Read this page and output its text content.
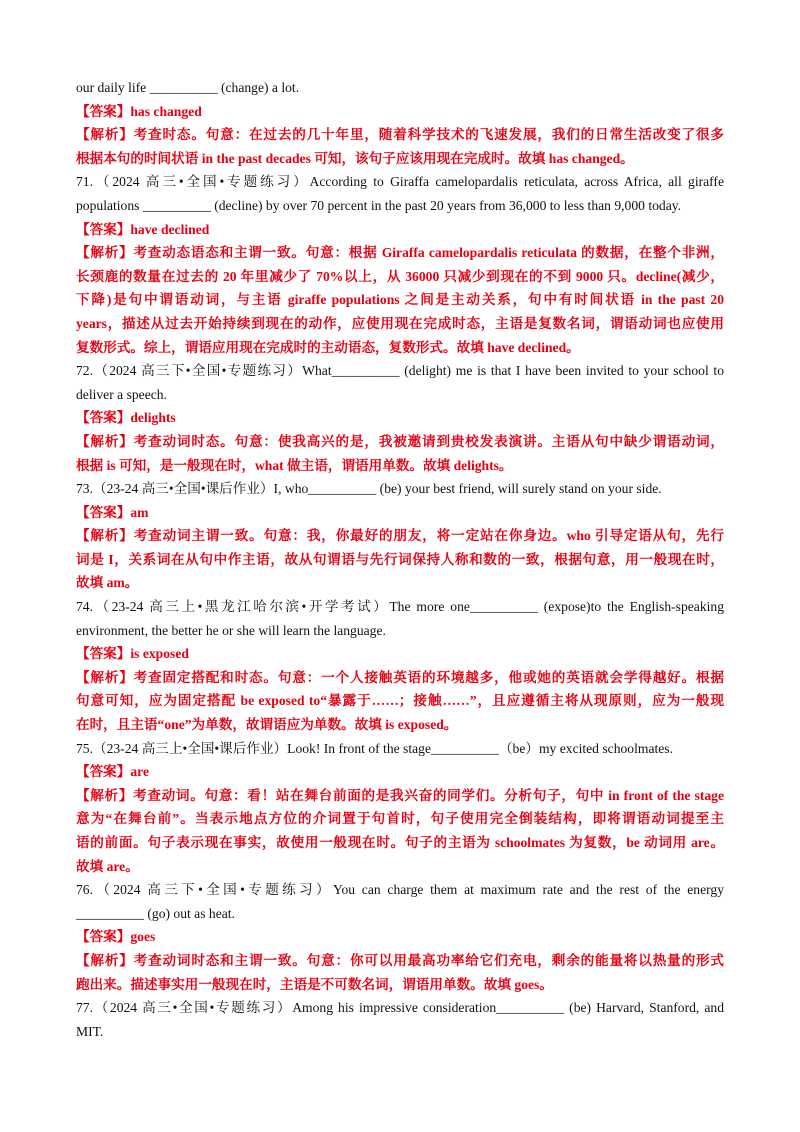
our daily life __________ (change) a lot.
【答案】has changed
【解析】考查时态。句意：在过去的几十年里，随着科学技术的飞速发展，我们的日常生活改变了很多
根据本句的时间状语 in the past decades 可知，该句子应该用现在完成时。故填 has changed。
71.（2024 高三•全国•专题练习）According to Giraffa camelopardalis reticulata, across Africa, all giraffe
populations __________ (decline) by over 70 percent in the past 20 years from 36,000 to less than 9,000 today.
【答案】have declined
【解析】考查动态语态和主谓一致。句意：根据 Giraffa camelopardalis reticulata 的数据，在整个非洲，
长颈鹿的数量在过去的 20 年里减少了 70%以上，从 36000 只减少到现在的不到 9000 只。decline(减少，
下降)是句中谓语动词，与主语 giraffe populations 之间是主动关系，句中有时间状语 in the past 20
years，描述从过去开始持续到现在的动作，应使用现在完成时态，主语是复数名词，谓语动词也应使用
复数形式。综上，谓语应用现在完成时的主动语态，复数形式。故填 have declined。
72.（2024 高三下•全国•专题练习）What__________ (delight) me is that I have been invited to your school to
deliver a speech.
【答案】delights
【解析】考查动词时态。句意：使我高兴的是，我被邀请到贵校发表演讲。主语从句中缺少谓语动词，
根据 is 可知，是一般现在时，what 做主语，谓语用单数。故填 delights。
73.（23-24 高三•全国•课后作业）I, who__________ (be) your best friend, will surely stand on your side.
【答案】am
【解析】考查动词主谓一致。句意：我，你最好的朋友，将一定站在你身边。who 引导定语从句，先行
词是 I，关系词在从句中作主语，故从句谓语与先行词保持人称和数的一致，根据句意，用一般现在时，
故填 am。
74.（23-24 高三上•黑龙江哈尔滨•开学考试）The more one__________ (expose)to the English-speaking
environment, the better he or she will learn the language.
【答案】is exposed
【解析】考查固定搭配和时态。句意：一个人接触英语的环境越多，他或她的英语就会学得越好。根据
句意可知，应为固定搭配 be exposed to“暴露于……；接触……”，且应遵循主将从现原则，应为一般现
在时，且主语“one”为单数，故谓语应为单数。故填 is exposed。
75.（23-24 高三上•全国•课后作业）Look! In front of the stage__________（be）my excited schoolmates.
【答案】are
【解析】考查动词。句意：看！站在舞台前面的是我兴奋的同学们。分析句子，句中 in front of the stage
意为“在舞台前”。当表示地点方位的介词置于句首时，句子使用完全倒装结构，即将谓语动词提至主
语的前面。句子表示现在事实，故使用一般现在时。句子的主语为 schoolmates 为复数，be 动词用 are。
故填 are。
76.（2024 高三下•全国•专题练习）You can charge them at maximum rate and the rest of the energy
__________ (go) out as heat.
【答案】goes
【解析】考查动词时态和主谓一致。句意：你可以用最高功率给它们充电，剩余的能量将以热量的形式
跑出来。描述事实用一般现在时，主语是不可数名词，谓语用单数。故填 goes。
77.（2024 高三•全国•专题练习）Among his impressive consideration__________ (be) Harvard, Stanford, and
MIT.
